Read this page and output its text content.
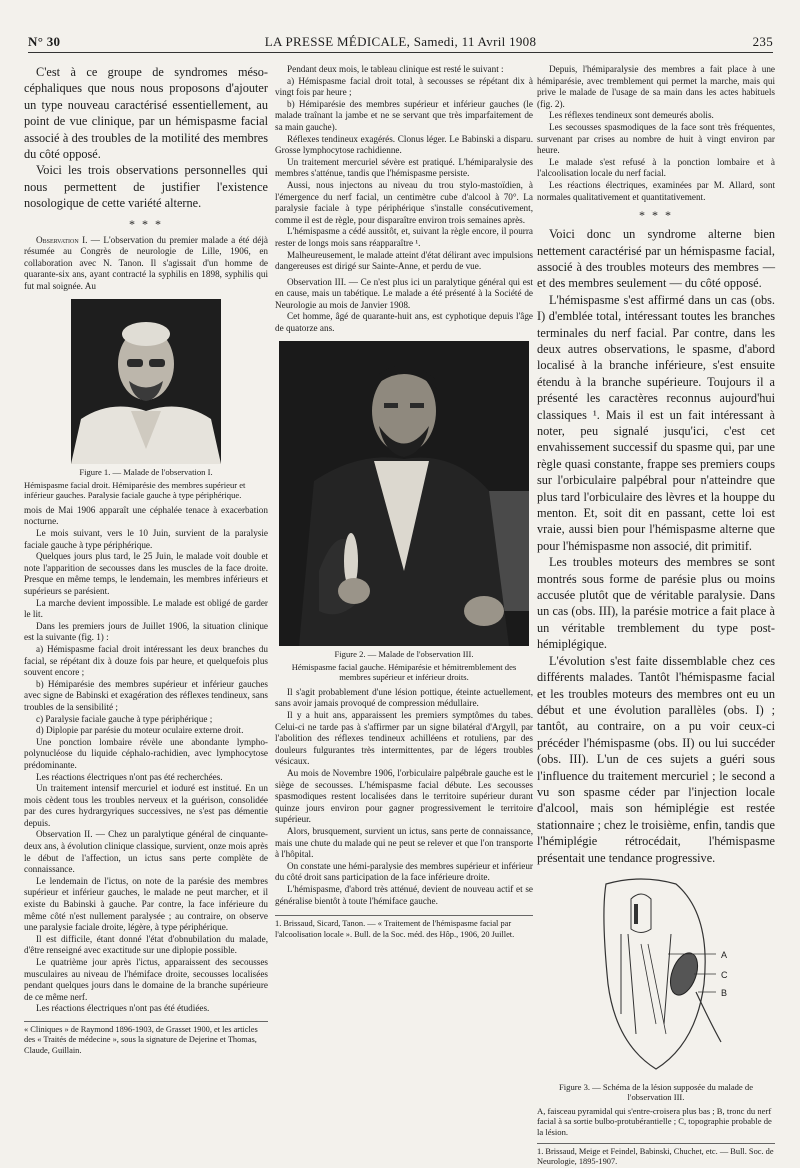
N° 30	LA PRESSE MÉDICALE, Samedi, 11 Avril 1908	235

C'est à ce groupe de syndromes méso-céphaliques que nous nous proposons d'ajouter un type nouveau caractérisé essentiellement, au point de vue clinique, par un hémispasme facial associé à des troubles de la motilité des membres du côté opposé.

Voici les trois observations personnelles qui nous permettent de justifier l'existence nosologique de cette variété alterne.

* * *

Observation I. — L'observation du premier malade a été déjà résumée au Congrès de neurologie de Lille, 1906, en collaboration avec N. Tanon. Il s'agissait d'un homme de quarante-six ans, ayant contracté la syphilis en 1898, syphilis qui fut mal soignée. Au

Figure 1. — Malade de l'observation I.
Hémispasme facial droit. Hémiparésie des membres supérieur et inférieur gauches. Paralysie faciale gauche à type périphérique.

mois de Mai 1906 apparaît une céphalée tenace à exacerbation nocturne.

Le mois suivant, vers le 10 Juin, survient de la paralysie faciale gauche à type périphérique.

Quelques jours plus tard, le 25 Juin, le malade voit double et note l'apparition de secousses dans les muscles de la face droite. Presque en même temps, le lendemain, les membres inférieurs et supérieurs se parésient.

La marche devient impossible. Le malade est obligé de garder le lit.

Dans les premiers jours de Juillet 1906, la situation clinique est la suivante (fig. 1) :

a) Hémispasme facial droit intéressant les deux branches du facial, se répétant dix à douze fois par heure, et quelquefois plus souvent encore ;

b) Hémiparésie des membres supérieur et inférieur gauches avec signe de Babinski et exagération des réflexes tendineux, sans troubles de la sensibilité ;

c) Paralysie faciale gauche à type périphérique ;

d) Diplopie par parésie du moteur oculaire externe droit.

Une ponction lombaire révèle une abondante lympho-polynucléose du liquide céphalo-rachidien, avec lymphocytose prédominante.

Les réactions électriques n'ont pas été recherchées.

Un traitement intensif mercuriel et ioduré est institué. En un mois cèdent tous les troubles nerveux et la guérison, consolidée par des cures hydrargyriques successives, ne s'est pas démentie depuis.

Observation II. — Chez un paralytique général de cinquante-deux ans, à évolution clinique classique, survient, onze mois après le début de l'affection, un ictus sans perte complète de connaissance.

Le lendemain de l'ictus, on note de la parésie des membres supérieur et inférieur gauches, le malade ne peut marcher, et il existe du Babinski à gauche. Par contre, la face inférieure du même côté n'est nullement paralysée ; au contraire, on observe une paralysie faciale droite, légère, à type périphérique.

Il est difficile, étant donné l'état d'obnubilation du malade, d'être renseigné avec exactitude sur une diplopie possible.

Le quatrième jour après l'ictus, apparaissent des secousses musculaires au niveau de l'hémiface droite, secousses localisées pendant quelques jours dans le domaine de la branche supérieure de ce même nerf.

Les réactions électriques n'ont pas été étudiées.

« Cliniques » de Raymond 1896-1903, de Grasset 1900, et les articles des « Traités de médecine », sous la signature de Dejerine et Thomas, Claude, Guillain.

Pendant deux mois, le tableau clinique est resté le suivant :

a) Hémispasme facial droit total, à secousses se répétant dix à vingt fois par heure ;

b) Hémiparésie des membres supérieur et inférieur gauches (le malade traînant la jambe et ne se servant que très imparfaitement de sa main gauche).

Réflexes tendineux exagérés. Clonus léger. Le Babinski a disparu. Grosse lymphocytose rachidienne.

Un traitement mercuriel sévère est pratiqué. L'hémiparalysie des membres s'atténue, tandis que l'hémispasme persiste.

Aussi, nous injectons au niveau du trou stylo-mastoïdien, à l'émergence du nerf facial, un centimètre cube d'alcool à 70°. La paralysie faciale à type périphérique s'installe consécutivement, comme il est de règle, pour disparaître environ trois semaines après.

L'hémispasme a cédé aussitôt, et, suivant la règle encore, il pourra rester de longs mois sans réapparaître ¹.

Malheureusement, le malade atteint d'état délirant avec impulsions dangereuses est dirigé sur Sainte-Anne, et perdu de vue.

Observation III. — Ce n'est plus ici un paralytique général qui est en cause, mais un tabétique. Le malade a été présenté à la Société de Neurologie au mois de Janvier 1908.

Cet homme, âgé de quarante-huit ans, est cyphotique depuis l'âge de quatorze ans.

Figure 2. — Malade de l'observation III.
Hémispasme facial gauche. Hémiparésie et hémitremblement des membres supérieur et inférieur droits.

Il s'agit probablement d'une lésion pottique, éteinte actuellement, sans avoir jamais provoqué de compression médullaire.

Il y a huit ans, apparaissent les premiers symptômes du tabes. Celui-ci ne tarde pas à s'affirmer par un signe bilatéral d'Argyll, par l'abolition des réflexes tendineux achilléens et rotuliens, par des douleurs fulgurantes très intermittentes, par de légers troubles vésicaux.

Au mois de Novembre 1906, l'orbiculaire palpébrale gauche est le siège de secousses. L'hémispasme facial débute. Les secousses spasmodiques restent localisées dans le territoire supérieur durant quinze jours environ pour gagner progressivement le territoire supérieur.

Alors, brusquement, survient un ictus, sans perte de connaissance, mais une chute du malade qui ne peut se relever et que l'on transporte à l'hôpital.

On constate une hémi-paralysie des membres supérieur et inférieur du côté droit sans participation de la face inférieure droite.

L'hémispasme, d'abord très atténué, devient de nouveau actif et se généralise bientôt à toute l'hémiface gauche.

1. Brissaud, Sicard, Tanon. — « Traitement de l'hémispasme facial par l'alcoolisation locale ». Bull. de la Soc. méd. des Hôp., 1906, 20 Juillet.

Depuis, l'hémiparalysie des membres a fait place à une hémiparésie, avec tremblement qui permet la marche, mais qui prive le malade de l'usage de sa main dans les actes habituels (fig. 2).

Les réflexes tendineux sont demeurés abolis.

Les secousses spasmodiques de la face sont très fréquentes, survenant par crises au nombre de huit à vingt environ par heure.

Le malade s'est refusé à la ponction lombaire et à l'alcoolisation locale du nerf facial.

Les réactions électriques, examinées par M. Allard, sont normales qualitativement et quantitativement.

* * *

Voici donc un syndrome alterne bien nettement caractérisé par un hémispasme facial, associé à des troubles moteurs des membres — et des membres seulement — du côté opposé.

L'hémispasme s'est affirmé dans un cas (obs. I) d'emblée total, intéressant toutes les branches terminales du nerf facial. Par contre, dans les deux autres observations, le spasme, d'abord localisé à la branche inférieure, s'est ensuite étendu à la branche supérieure. Toujours il a présenté les caractères reconnus aujourd'hui classiques ¹. Mais il est un fait intéressant à noter, peu signalé jusqu'ici, c'est cet envahissement successif du spasme qui, par une règle quasi constante, frappe ses premiers coups sur l'orbiculaire palpébral pour n'atteindre que plus tard l'orbiculaire des lèvres et la houppe du menton. Et, soit dit en passant, cette loi est vraie, aussi bien pour l'hémispasme alterne que pour l'hémispasme non associé, dit primitif.

Les troubles moteurs des membres se sont montrés sous forme de parésie plus ou moins accusée plutôt que de véritable paralysie. Dans un cas (obs. III), la parésie motrice a fait place à un véritable tremblement du type post-hémiplégique.

L'évolution s'est faite dissemblable chez ces différents malades. Tantôt l'hémispasme facial et les troubles moteurs des membres ont eu un début et une évolution parallèles (obs. I) ; tantôt, au contraire, on a pu voir ceux-ci précéder l'hémispasme (obs. II) ou lui succéder (obs. III). L'un de ces sujets a guéri sous l'influence du traitement mercuriel ; le second a vu son spasme céder par l'injection locale d'alcool, mais son hémiplégie est restée stationnaire ; chez le troisième, enfin, tandis que l'hémiplégie rétrocédait, l'hémispasme présentait une tendance progressive.

A
C
B
Figure 3. — Schéma de la lésion supposée du malade de l'observation III.
A, faisceau pyramidal qui s'entre-croisera plus bas ; B, tronc du nerf facial à sa sortie bulbo-protubérantielle ; C, topographie probable de la lésion.
1. Brissaud, Meige et Feindel, Babinski, Chuchet, etc. — Bull. Soc. de Neurologie, 1895-1907.
